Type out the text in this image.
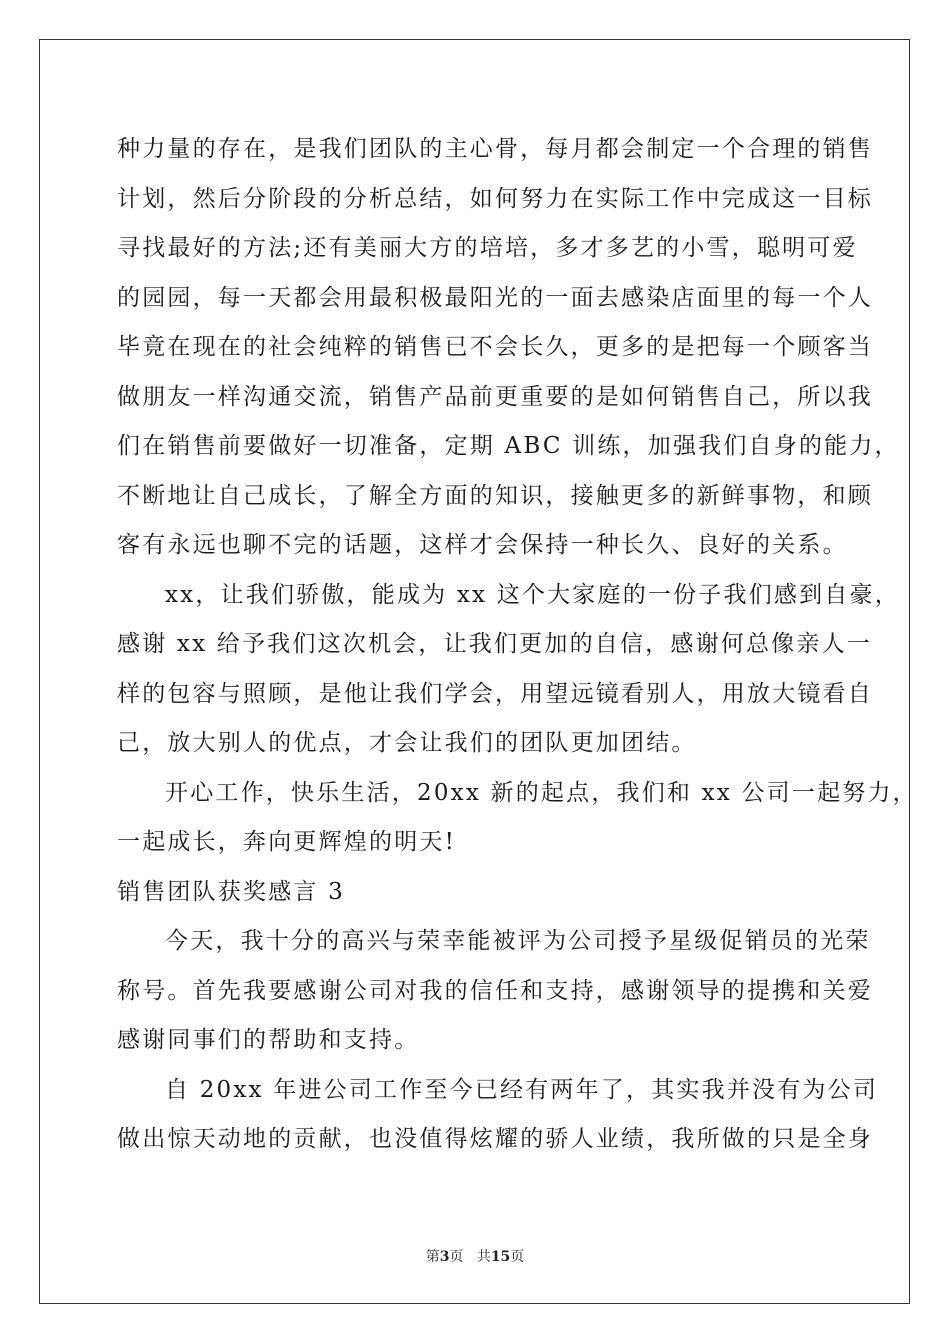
种力量的存在，是我们团队的主心骨，每月都会制定一个合理的销售
计划，然后分阶段的分析总结，如何努力在实际工作中完成这一目标
寻找最好的方法;还有美丽大方的培培，多才多艺的小雪，聪明可爱
的园园，每一天都会用最积极最阳光的一面去感染店面里的每一个人
毕竟在现在的社会纯粹的销售已不会长久，更多的是把每一个顾客当
做朋友一样沟通交流，销售产品前更重要的是如何销售自己，所以我
们在销售前要做好一切准备，定期 ABC 训练，加强我们自身的能力，
不断地让自己成长，了解全方面的知识，接触更多的新鲜事物，和顾
客有永远也聊不完的话题，这样才会保持一种长久、良好的关系。
xx，让我们骄傲，能成为 xx 这个大家庭的一份子我们感到自豪，
感谢 xx 给予我们这次机会，让我们更加的自信，感谢何总像亲人一
样的包容与照顾，是他让我们学会，用望远镜看别人，用放大镜看自
己，放大别人的优点，才会让我们的团队更加团结。
开心工作，快乐生活，20xx 新的起点，我们和 xx 公司一起努力，
一起成长，奔向更辉煌的明天!
销售团队获奖感言 3
今天，我十分的高兴与荣幸能被评为公司授予星级促销员的光荣
称号。首先我要感谢公司对我的信任和支持，感谢领导的提携和关爱
感谢同事们的帮助和支持。
自 20xx 年进公司工作至今已经有两年了，其实我并没有为公司
做出惊天动地的贡献，也没值得炫耀的骄人业绩，我所做的只是全身
第3页 共15页
